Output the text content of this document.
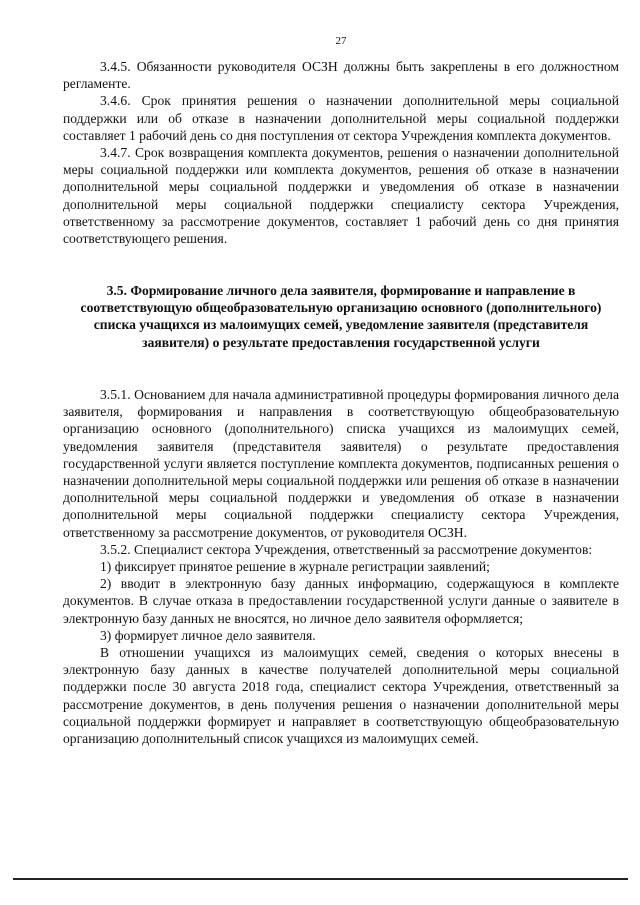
27

3.4.5. Обязанности руководителя ОСЗН должны быть закреплены в его должностном регламенте.

3.4.6. Срок принятия решения о назначении дополнительной меры социальной поддержки или об отказе в назначении дополнительной меры социальной поддержки составляет 1 рабочий день со дня поступления от сектора Учреждения комплекта документов.

3.4.7. Срок возвращения комплекта документов, решения о назначении дополнительной меры социальной поддержки или комплекта документов, решения об отказе в назначении дополнительной меры социальной поддержки и уведомления об отказе в назначении дополнительной меры социальной поддержки специалисту сектора Учреждения, ответственному за рассмотрение документов, составляет 1 рабочий день со дня принятия соответствующего решения.

3.5. Формирование личного дела заявителя, формирование и направление в соответствующую общеобразовательную организацию основного (дополнительного) списка учащихся из малоимущих семей, уведомление заявителя (представителя заявителя) о результате предоставления государственной услуги

3.5.1. Основанием для начала административной процедуры формирования личного дела заявителя, формирования и направления в соответствующую общеобразовательную организацию основного (дополнительного) списка учащихся из малоимущих семей, уведомления заявителя (представителя заявителя) о результате предоставления государственной услуги является поступление комплекта документов, подписанных решения о назначении дополнительной меры социальной поддержки или решения об отказе в назначении дополнительной меры социальной поддержки и уведомления об отказе в назначении дополнительной меры социальной поддержки специалисту сектора Учреждения, ответственному за рассмотрение документов, от руководителя ОСЗН.

3.5.2. Специалист сектора Учреждения, ответственный за рассмотрение документов:

1) фиксирует принятое решение в журнале регистрации заявлений;

2) вводит в электронную базу данных информацию, содержащуюся в комплекте документов. В случае отказа в предоставлении государственной услуги данные о заявителе в электронную базу данных не вносятся, но личное дело заявителя оформляется;

3) формирует личное дело заявителя.

В отношении учащихся из малоимущих семей, сведения о которых внесены в электронную базу данных в качестве получателей дополнительной меры социальной поддержки после 30 августа 2018 года, специалист сектора Учреждения, ответственный за рассмотрение документов, в день получения решения о назначении дополнительной меры социальной поддержки формирует и направляет в соответствующую общеобразовательную организацию дополнительный список учащихся из малоимущих семей.
